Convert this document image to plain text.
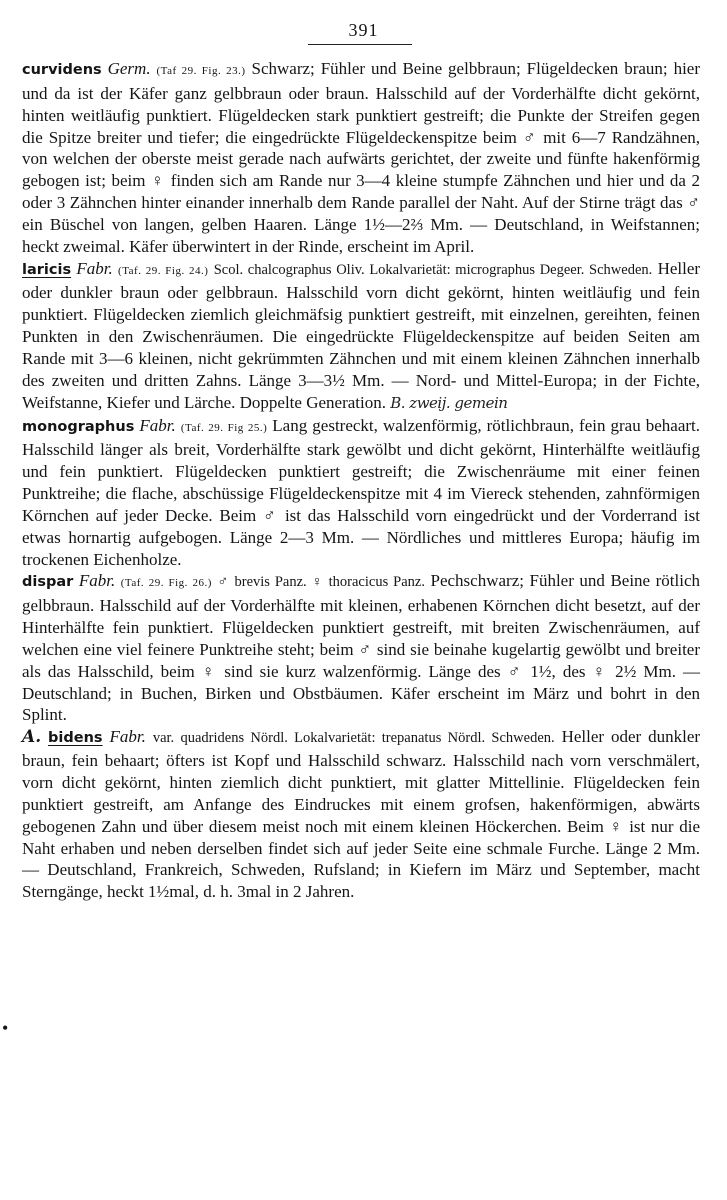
391
•

curvidens Germ. (Taf 29. Fig. 23.) Schwarz; Fühler und Beine gelbbraun; Flügeldecken braun; hier und da ist der Käfer ganz gelbbraun oder braun. Halsschild auf der Vorderhälfte dicht gekörnt, hinten weitläufig punktiert. Flügeldecken stark punktiert gestreift; die Punkte der Streifen gegen die Spitze breiter und tiefer; die eingedrückte Flügeldeckenspitze beim ♂ mit 6—7 Randzähnen, von welchen der oberste meist gerade nach aufwärts gerichtet, der zweite und fünfte hakenförmig gebogen ist; beim ♀ finden sich am Rande nur 3—4 kleine stumpfe Zähnchen und hier und da 2 oder 3 Zähnchen hinter einander innerhalb dem Rande parallel der Naht. Auf der Stirne trägt das ♂ ein Büschel von langen, gelben Haaren. Länge 1½—2⅔ Mm. — Deutschland, in Weifstannen; heckt zweimal. Käfer überwintert in der Rinde, erscheint im April.

laricis Fabr. (Taf. 29. Fig. 24.) Scol. chalcographus Oliv. Lokalvarietät: micrographus Degeer. Schweden. Heller oder dunkler braun oder gelbbraun. Halsschild vorn dicht gekörnt, hinten weitläufig und fein punktiert. Flügeldecken ziemlich gleichmäfsig punktiert gestreift, mit einzelnen, gereihten, feinen Punkten in den Zwischenräumen. Die eingedrückte Flügeldeckenspitze auf beiden Seiten am Rande mit 3—6 kleinen, nicht gekrümmten Zähnchen und mit einem kleinen Zähnchen innerhalb des zweiten und dritten Zahns. Länge 3—3½ Mm. — Nord- und Mittel-Europa; in der Fichte, Weifstanne, Kiefer und Lärche. Doppelte Generation. B. zweij. gemein

monographus Fabr. (Taf. 29. Fig 25.) Lang gestreckt, walzenförmig, rötlichbraun, fein grau behaart. Halsschild länger als breit, Vorderhälfte stark gewölbt und dicht gekörnt, Hinterhälfte weitläufig und fein punktiert. Flügeldecken punktiert gestreift; die Zwischenräume mit einer feinen Punktreihe; die flache, abschüssige Flügeldeckenspitze mit 4 im Viereck stehenden, zahnförmigen Körnchen auf jeder Decke. Beim ♂ ist das Halsschild vorn eingedrückt und der Vorderrand ist etwas hornartig aufgebogen. Länge 2—3 Mm. — Nördliches und mittleres Europa; häufig im trockenen Eichenholze.

dispar Fabr. (Taf. 29. Fig. 26.) ♂ brevis Panz. ♀ thoracicus Panz. Pechschwarz; Fühler und Beine rötlich gelbbraun. Halsschild auf der Vorderhälfte mit kleinen, erhabenen Körnchen dicht besetzt, auf der Hinterhälfte fein punktiert. Flügeldecken punktiert gestreift, mit breiten Zwischenräumen, auf welchen eine viel feinere Punktreihe steht; beim ♂ sind sie beinahe kugelartig gewölbt und breiter als das Halsschild, beim ♀ sind sie kurz walzenförmig. Länge des ♂ 1½, des ♀ 2½ Mm. — Deutschland; in Buchen, Birken und Obstbäumen. Käfer erscheint im März und bohrt in den Splint.

A. bidens Fabr. var. quadridens Nördl. Lokalvarietät: trepanatus Nördl. Schweden. Heller oder dunkler braun, fein behaart; öfters ist Kopf und Halsschild schwarz. Halsschild nach vorn verschmälert, vorn dicht gekörnt, hinten ziemlich dicht punktiert, mit glatter Mittellinie. Flügeldecken fein punktiert gestreift, am Anfange des Eindruckes mit einem grofsen, hakenförmigen, abwärts gebogenen Zahn und über diesem meist noch mit einem kleinen Höckerchen. Beim ♀ ist nur die Naht erhaben und neben derselben findet sich auf jeder Seite eine schmale Furche. Länge 2 Mm. — Deutschland, Frankreich, Schweden, Rufsland; in Kiefern im März und September, macht Sterngänge, heckt 1½mal, d. h. 3mal in 2 Jahren.
